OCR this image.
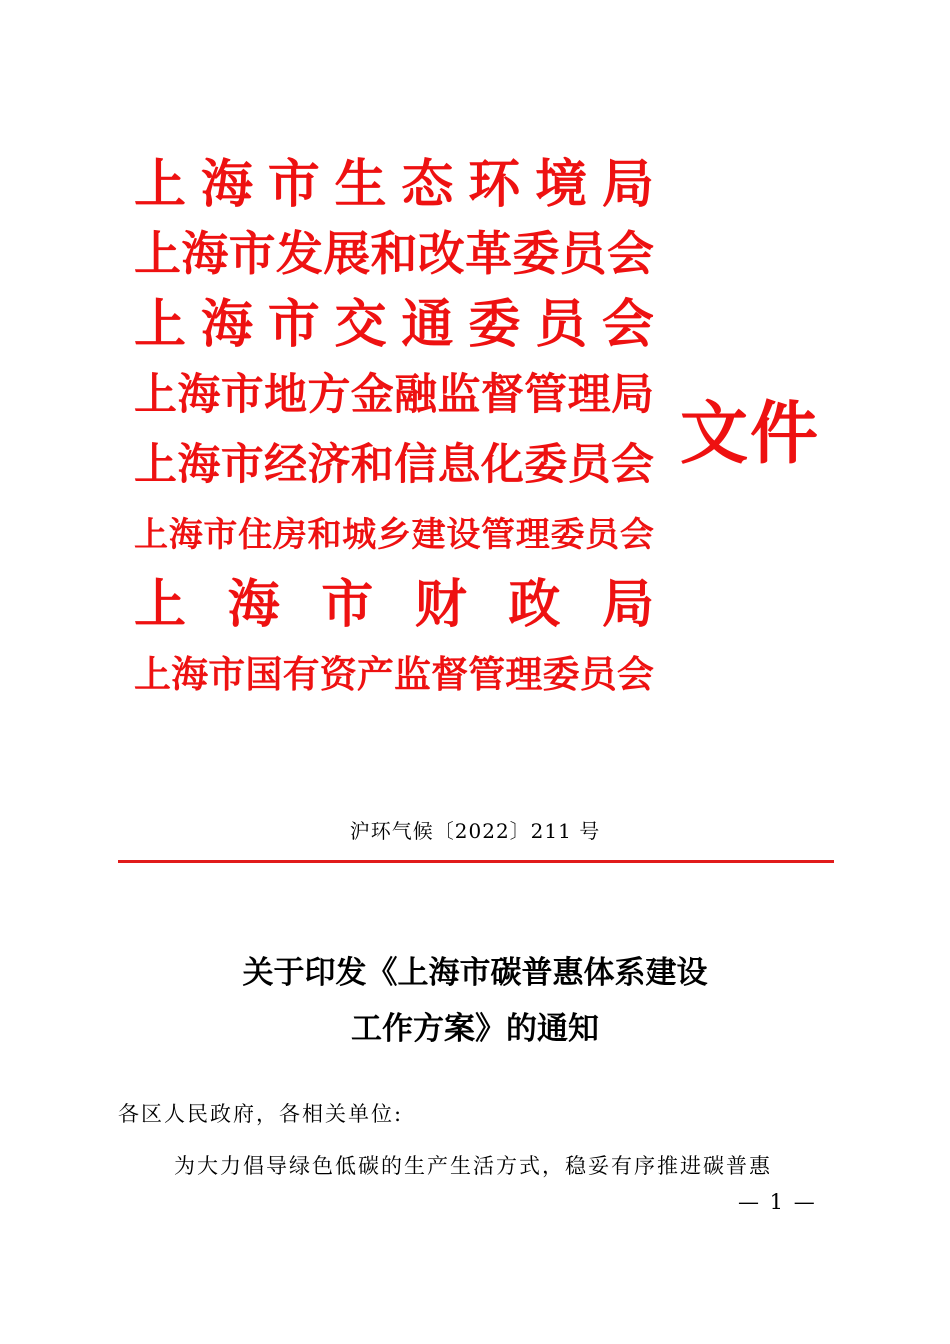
上 海 市 生 态 环 境 局
上 海 市 发 展 和 改 革 委 员 会
上 海 市 交 通 委 员 会
上 海 市 地 方 金 融 监 督 管 理 局
上 海 市 经 济 和 信 息 化 委 员 会
上 海 市 住 房 和 城 乡 建 设 管 理 委 员 会
上 海 市 财 政 局
上 海 市 国 有 资 产 监 督 管 理 委 员 会
文件
沪环气候〔2022〕211 号
关于印发《上海市碳普惠体系建设
工作方案》的通知
各区人民政府，各相关单位:
为大力倡导绿色低碳的生产生活方式，稳妥有序推进碳普惠
— 1 —
